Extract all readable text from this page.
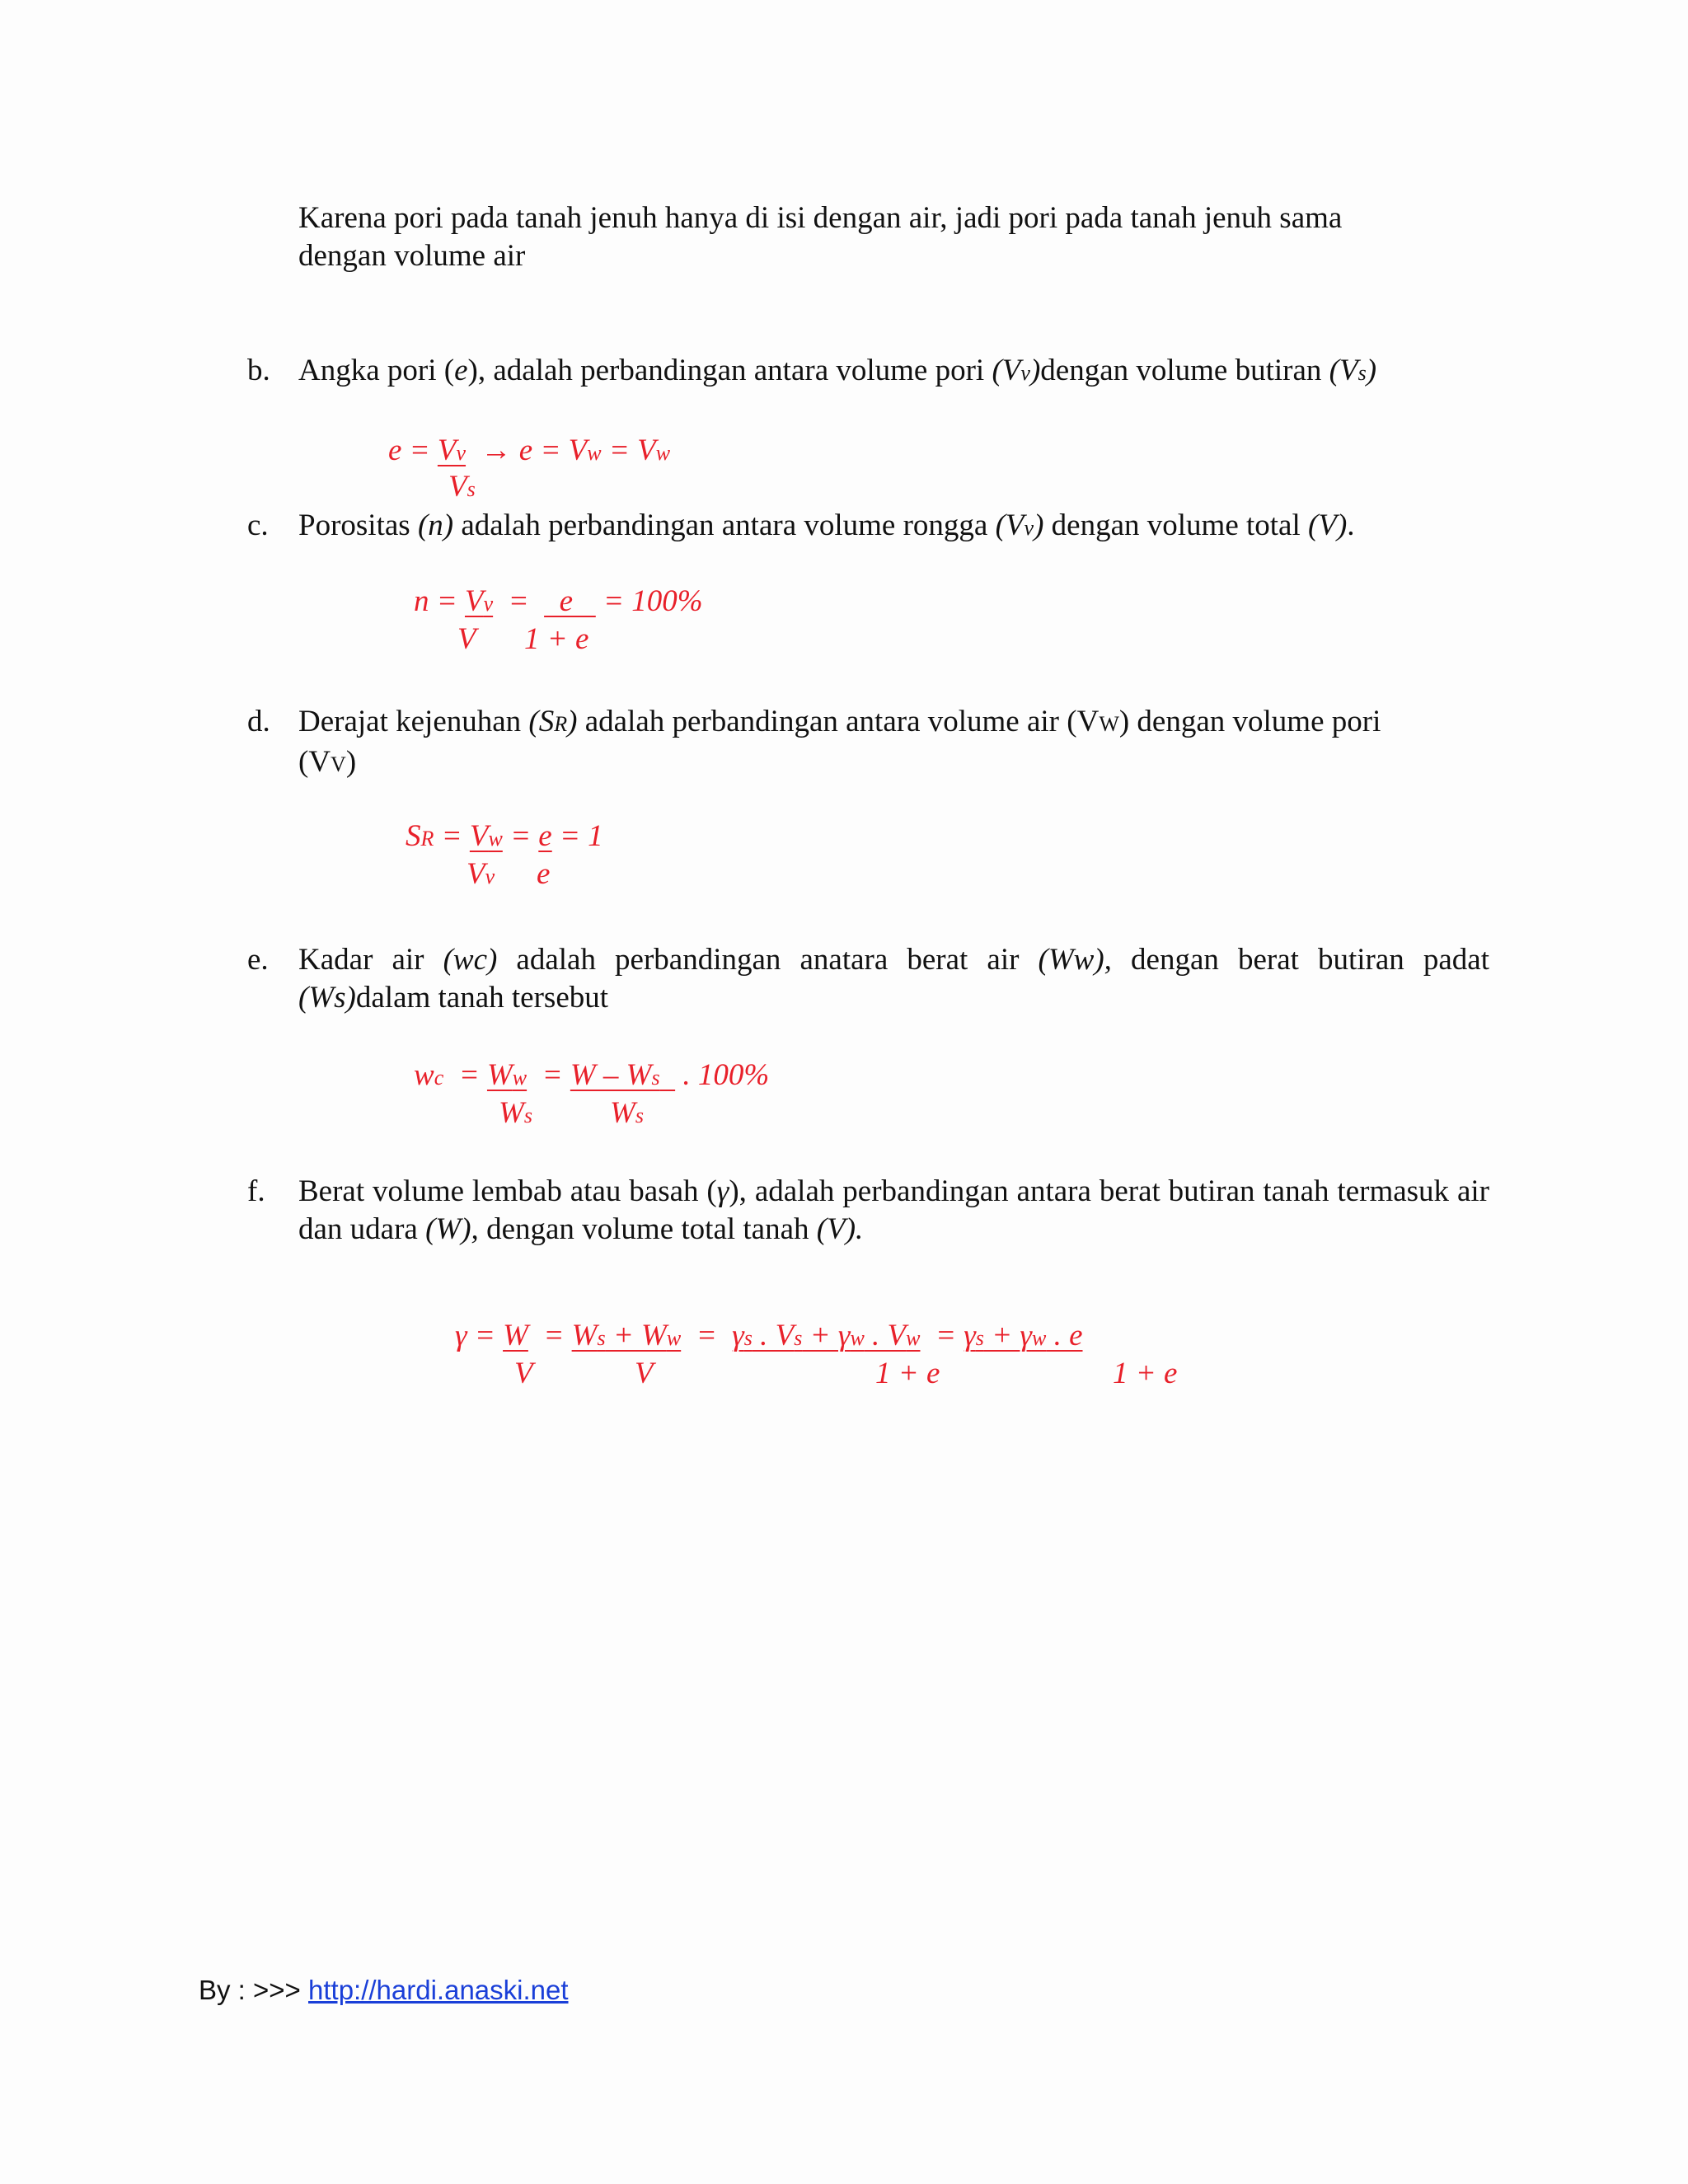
Karena pori pada tanah jenuh hanya di isi dengan air, jadi pori pada tanah jenuh sama
dengan volume air
b. Angka pori (e), adalah perbandingan antara volume pori (Vv)dengan volume butiran (Vs)
e = Vv  → e = Vw = Vw
Vs
c. Porositas (n) adalah perbandingan antara volume rongga (Vv) dengan volume total (V).
n = Vv  =    e    = 100%
V 1 + e
d. Derajat kejenuhan (SR) adalah perbandingan antara volume air (VW) dengan volume pori
(VV)
SR = Vw = e = 1
Vv e
e. Kadar air (wc) adalah perbandingan anatara berat air (Ww), dengan berat butiran padat (Ws)dalam tanah tersebut
wc  = Ww  = W – Ws   . 100%
Ws	Ws
f. Berat volume lembab atau basah (γ), adalah perbandingan antara berat butiran tanah termasuk air dan udara (W), dengan volume total tanah (V).
γ = W  = Ws + Ww  =  γs . Vs + γw . Vw  = γs + γw . e
V	V	1 + e	1 + e
By : >>> http://hardi.anaski.net
